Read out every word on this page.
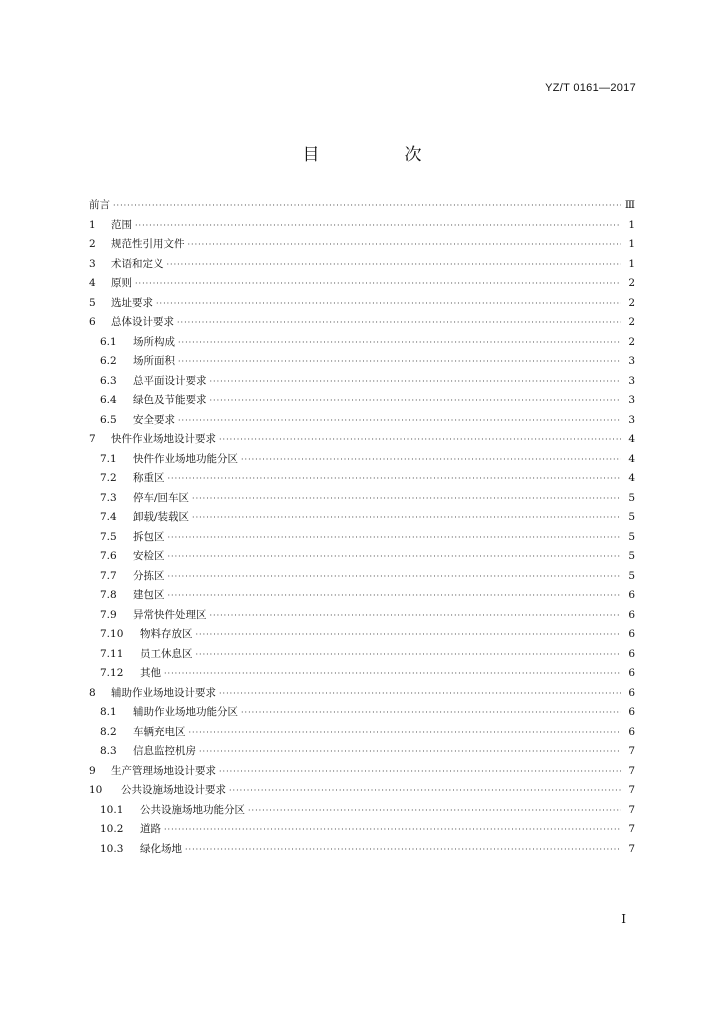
YZ/T 0161—2017
目　次
前言 ·····	Ⅲ
1	范围 ·····	1
2	规范性引用文件 ·····	1
3	术语和定义 ·····	1
4	原则 ·····	2
5	选址要求 ·····	2
6	总体设计要求 ·····	2
6.1	场所构成 ·····	2
6.2	场所面积 ·····	3
6.3	总平面设计要求 ·····	3
6.4	绿色及节能要求 ·····	3
6.5	安全要求 ·····	3
7	快件作业场地设计要求 ·····	4
7.1	快件作业场地功能分区 ·····	4
7.2	称重区 ·····	4
7.3	停车/回车区 ·····	5
7.4	卸载/装载区 ·····	5
7.5	拆包区 ·····	5
7.6	安检区 ·····	5
7.7	分拣区 ·····	5
7.8	建包区 ·····	6
7.9	异常快件处理区 ·····	6
7.10	物料存放区 ·····	6
7.11	员工休息区 ·····	6
7.12	其他 ·····	6
8	辅助作业场地设计要求 ·····	6
8.1	辅助作业场地功能分区 ·····	6
8.2	车辆充电区 ·····	6
8.3	信息监控机房 ·····	7
9	生产管理场地设计要求 ·····	7
10	公共设施场地设计要求 ·····	7
10.1	公共设施场地功能分区 ·····	7
10.2	道路 ·····	7
10.3	绿化场地 ·····	7
I
